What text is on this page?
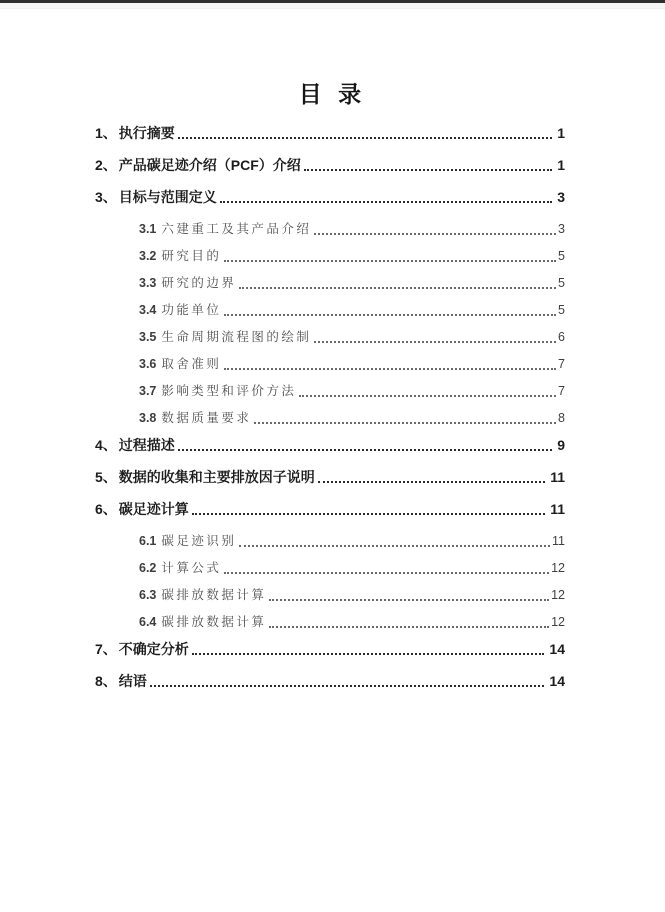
目 录
1、 执行摘要	1
2、 产品碳足迹介绍（PCF）介绍	1
3、 目标与范围定义	3
3.1 六建重工及其产品介绍	3
3.2 研究目的	5
3.3 研究的边界	5
3.4 功能单位	5
3.5 生命周期流程图的绘制	6
3.6 取舍准则	7
3.7 影响类型和评价方法	7
3.8 数据质量要求	8
4、 过程描述	9
5、 数据的收集和主要排放因子说明	11
6、 碳足迹计算	11
6.1 碳足迹识别	11
6.2 计算公式	12
6.3 碳排放数据计算	12
6.4 碳排放数据计算	12
7、 不确定分析	14
8、 结语	14
